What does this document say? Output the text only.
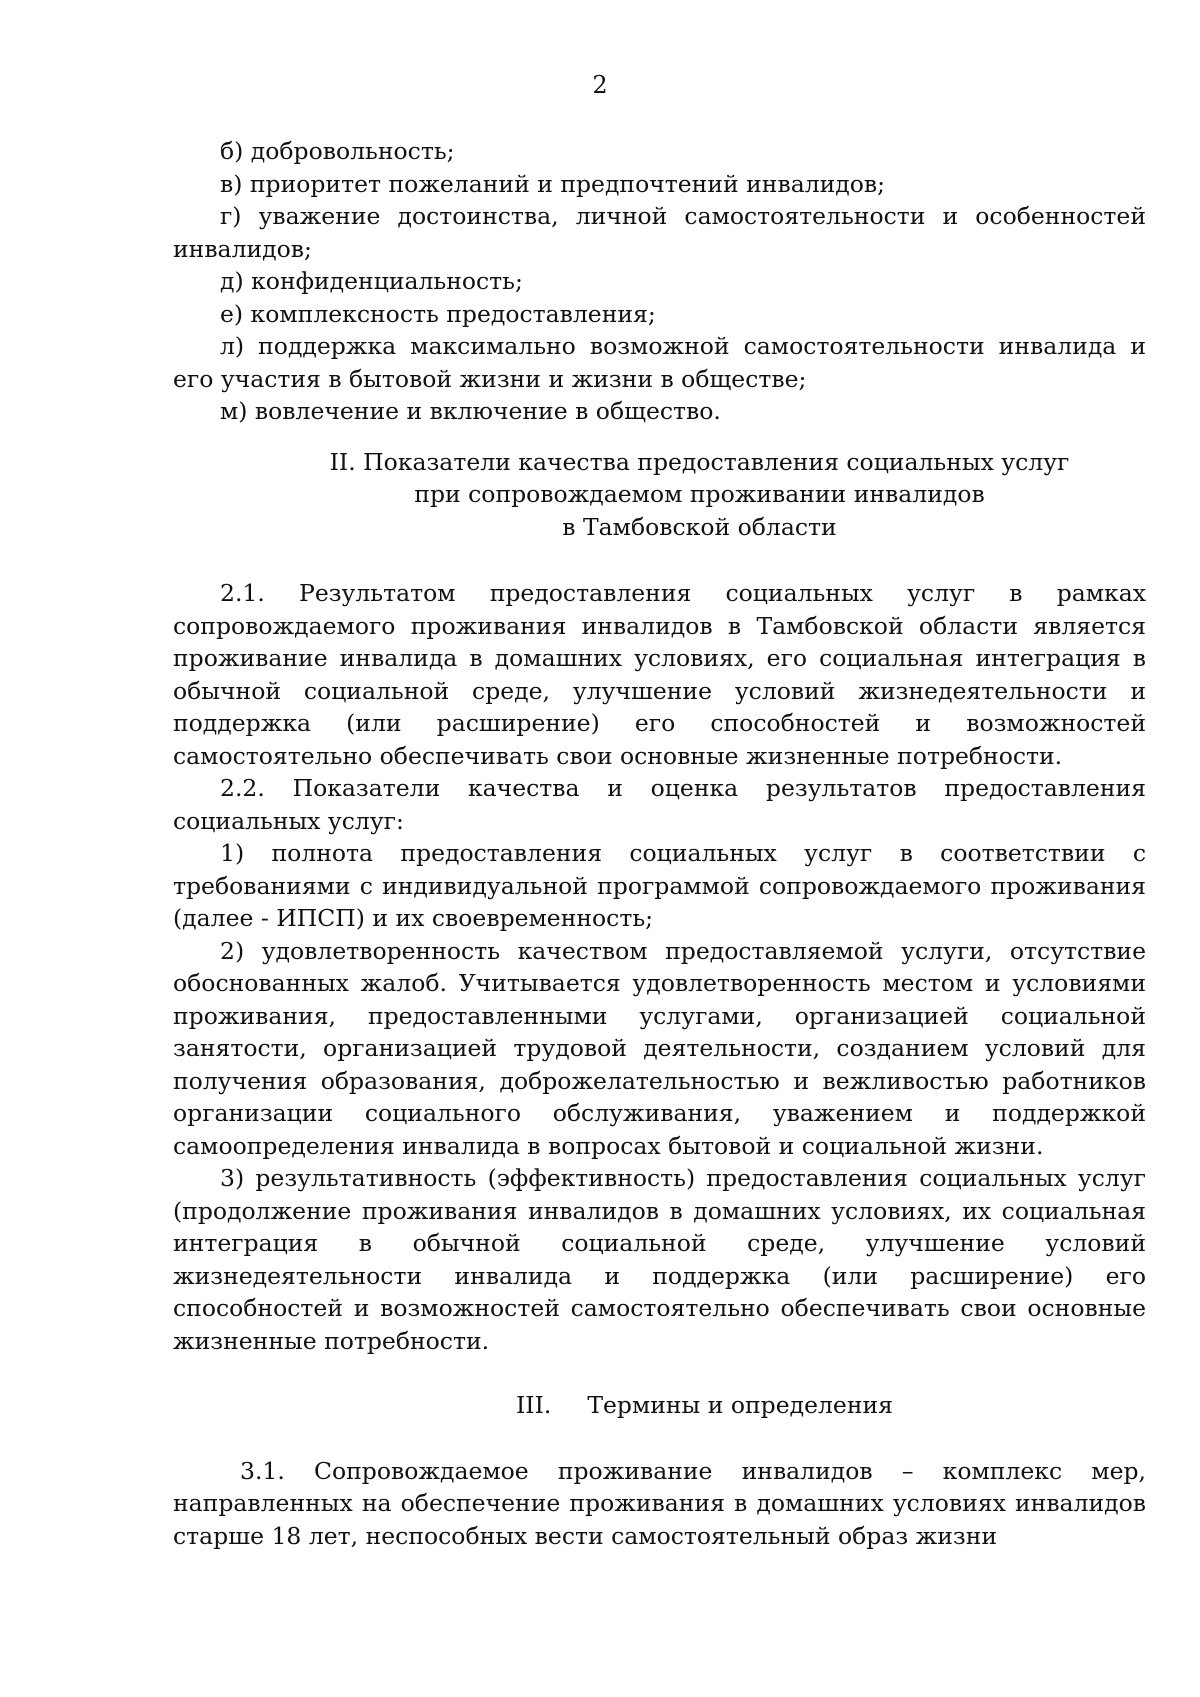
2

б) добровольность;

в) приоритет пожеланий и предпочтений инвалидов;

г) уважение достоинства, личной самостоятельности и особенностей инвалидов;

д) конфиденциальность;

е) комплексность предоставления;

л) поддержка максимально возможной самостоятельности инвалида и его участия в бытовой жизни и жизни в обществе;

м) вовлечение и включение в общество.

II. Показатели качества предоставления социальных услуг
при сопровождаемом проживании инвалидов
в Тамбовской области

2.1. Результатом предоставления социальных услуг в рамках сопровождаемого проживания инвалидов в Тамбовской области является проживание инвалида в домашних условиях, его социальная интеграция в обычной социальной среде, улучшение условий жизнедеятельности и поддержка (или расширение) его способностей и возможностей самостоятельно обеспечивать свои основные жизненные потребности.

2.2. Показатели качества и оценка результатов предоставления социальных услуг:

1) полнота предоставления социальных услуг в соответствии с требованиями с индивидуальной программой сопровождаемого проживания (далее - ИПСП) и их своевременность;

2) удовлетворенность качеством предоставляемой услуги, отсутствие обоснованных жалоб. Учитывается удовлетворенность местом и условиями проживания, предоставленными услугами, организацией социальной занятости, организацией трудовой деятельности, созданием условий для получения образования, доброжелательностью и вежливостью работников организации социального обслуживания, уважением и поддержкой самоопределения инвалида в вопросах бытовой и социальной жизни.

3) результативность (эффективность) предоставления социальных услуг (продолжение проживания инвалидов в домашних условиях, их социальная интеграция в обычной социальной среде, улучшение условий жизнедеятельности инвалида и поддержка (или расширение) его способностей и возможностей самостоятельно обеспечивать свои основные жизненные потребности.

III. Термины и определения

3.1. Сопровождаемое проживание инвалидов – комплекс мер, направленных на обеспечение проживания в домашних условиях инвалидов старше 18 лет, неспособных вести самостоятельный образ жизни
